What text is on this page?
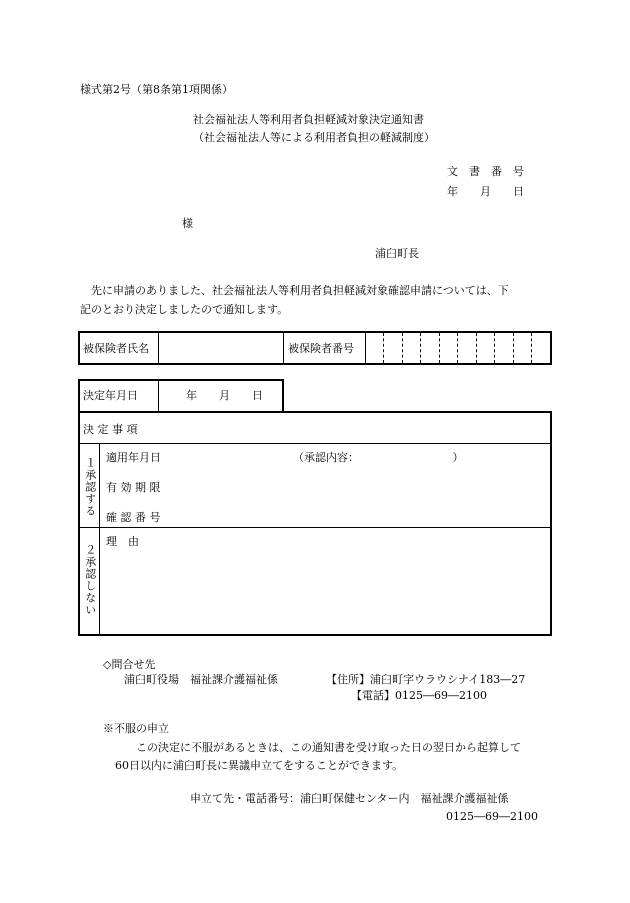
様式第2号（第8条第1項関係）
社会福祉法人等利用者負担軽減対象決定通知書
（社会福祉法人等による利用者負担の軽減制度）
文　書　番　号
年　　月　　日
様
浦臼町長
先に申請のありました、社会福祉法人等利用者負担軽減対象確認申請については、下
記のとおり決定しましたので通知します。
被保険者氏名	被保険者番号
決定年月日	年　　月　　日
決 定 事 項
１承認する 適用年月日	（承認内容：　　　　　　　　　）
有 効 期 限
確 認 番 号
２承認しない
理　由
◇問合せ先
浦臼町役場　福祉課介護福祉係	【住所】浦臼町字ウラウシナイ183―27
【電話】0125―69―2100
※不服の申立
この決定に不服があるときは、この通知書を受け取った日の翌日から起算して
60日以内に浦臼町長に異議申立てをすることができます。
申立て先・電話番号：浦臼町保健センター内　福祉課介護福祉係
0125―69―2100
